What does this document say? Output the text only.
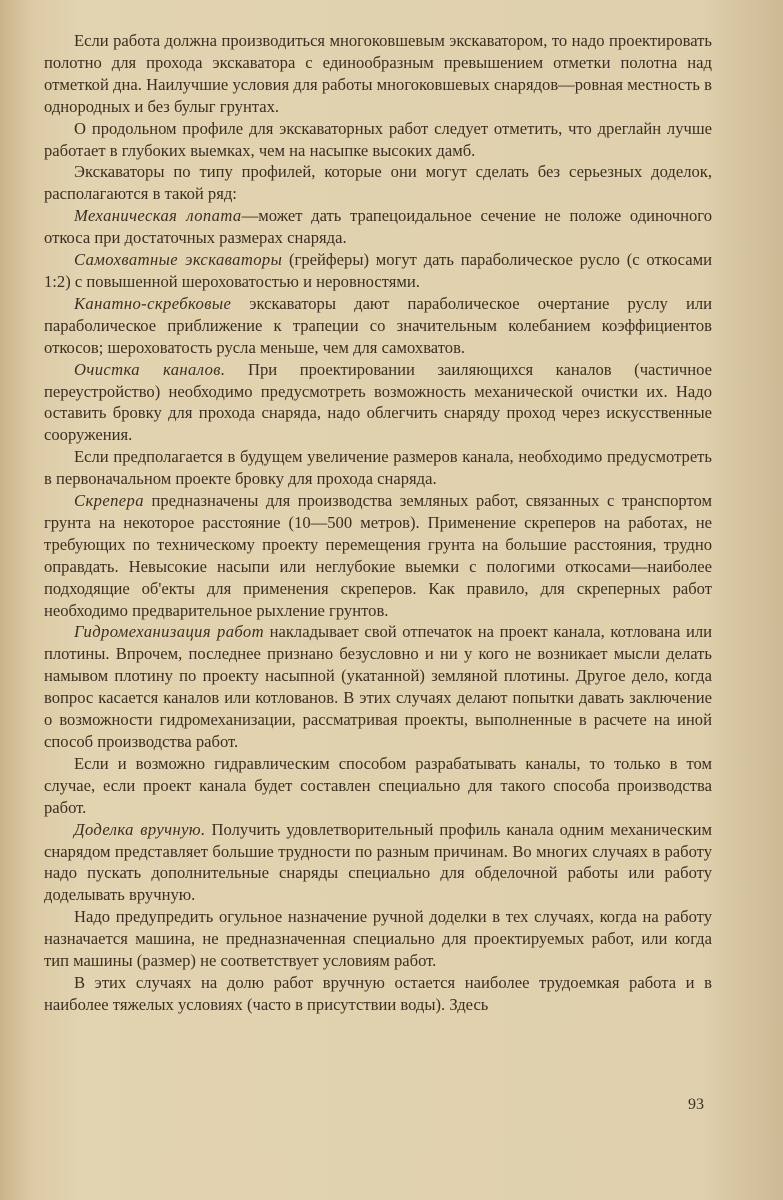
Если работа должна производиться многоковшевым экскаватором, то надо проектировать полотно для прохода экскаватора с единообразным превышением отметки полотна над отметкой дна. Наилучшие условия для работы многоковшевых снарядов—ровная местность в однородных и без булыг грунтах.

О продольном профиле для экскаваторных работ следует отметить, что дреглайн лучше работает в глубоких выемках, чем на насыпке высоких дамб.

Экскаваторы по типу профилей, которые они могут сделать без серьезных доделок, располагаются в такой ряд:

Механическая лопата—может дать трапецоидальное сечение не положе одиночного откоса при достаточных размерах снаряда.

Самохватные экскаваторы (грейферы) могут дать параболическое русло (с откосами 1:2) с повышенной шероховатостью и неровностями.

Канатно-скребковые экскаваторы дают параболическое очертание руслу или параболическое приближение к трапеции со значительным колебанием коэффициентов откосов; шероховатость русла меньше, чем для самохватов.

Очистка каналов. При проектировании заиляющихся каналов (частичное переустройство) необходимо предусмотреть возможность механической очистки их. Надо оставить бровку для прохода снаряда, надо облегчить снаряду проход через искусственные сооружения.

Если предполагается в будущем увеличение размеров канала, необходимо предусмотреть в первоначальном проекте бровку для прохода снаряда.

Скрепера предназначены для производства земляных работ, связанных с транспортом грунта на некоторое расстояние (10—500 метров). Применение скреперов на работах, не требующих по техническому проекту перемещения грунта на большие расстояния, трудно оправдать. Невысокие насыпи или неглубокие выемки с пологими откосами—наиболее подходящие об'екты для применения скреперов. Как правило, для скреперных работ необходимо предварительное рыхление грунтов.

Гидромеханизация работ накладывает свой отпечаток на проект канала, котлована или плотины. Впрочем, последнее признано безусловно и ни у кого не возникает мысли делать намывом плотину по проекту насыпной (укатанной) земляной плотины. Другое дело, когда вопрос касается каналов или котлованов. В этих случаях делают попытки давать заключение о возможности гидромеханизации, рассматривая проекты, выполненные в расчете на иной способ производства работ.

Если и возможно гидравлическим способом разрабатывать каналы, то только в том случае, если проект канала будет составлен специально для такого способа производства работ.

Доделка вручную. Получить удовлетворительный профиль канала одним механическим снарядом представляет большие трудности по разным причинам. Во многих случаях в работу надо пускать дополнительные снаряды специально для обделочной работы или работу доделывать вручную.

Надо предупредить огульное назначение ручной доделки в тех случаях, когда на работу назначается машина, не предназначенная специально для проектируемых работ, или когда тип машины (размер) не соответствует условиям работ.

В этих случаях на долю работ вручную остается наиболее трудоемкая работа и в наиболее тяжелых условиях (часто в присутствии воды). Здесь

93
